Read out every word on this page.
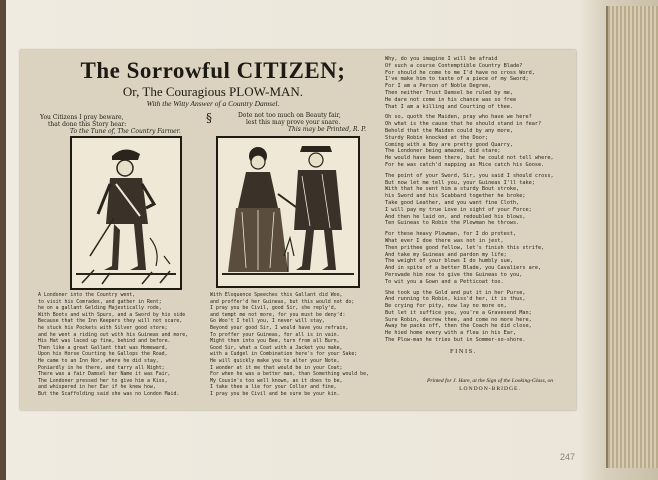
The Sorrowful CITIZEN;

Or, The Couragious PLOW-MAN.

With the Witty Answer of a Country Damsel.

You Citizens I pray beware,
that done this Story hear:
To the Tune of, The Country Farmer.
§	Dote not too much on Beauty fair,
lest this may prove your snare.
This may be Printed, R. P.

A Londoner into the Country went,

to visit his Comrades, and gather in Rent;

he on a gallant Gelding Majestically rode,

With Boots and with Spurs, and a Sword by his side

Because that the Inn Keepers they will not scare,

he stuck his Pockets with Silver good store;

and he went a riding out with his Guineas and more,

His Hat was laced up fine, behind and before.

Then like a great Gallant that was Homeward,

Upon his Horse Courting he Gallops the Road,

He came to an Inn Nor, where he did stay,

Poniardly in he there, and tarry all Night;

There was a fair Damsel her Name it was Fair,

The Londoner pressed her to give him a Kiss,

and whispered in her Ear if he knew how,

But the Scaffolding said she was no London Maid.

With Eloquence Speeches this Gallant did Woo,

and proffer'd her Guineas, but this would not do;

I pray you be Civil, good Sir, she reply'd,

and tempt me not more, for you must be deny'd:

Go Woo't I tell you, I never will stay,

Beyond your good Sir, I would have you refrain,

To proffer your Guineas, for all is in vain.

Might then into you Bee, turn from all Burn,

Good Sir, what a Coat with a Jacket you make,

with a Cudgel in Combination here's for your Sake;

He will quickly make you to alter your Note,

I wonder at it me that would be in your Coat;

For when he was a better man, than Something would be,

My Cousin's too well known, as it does to be,

I take thee a lie for your Coller and fine,

I pray you be Civil and be sure be your kin.

Why, do you imagine I will be afraid

Of such a course Contemptible Country Blade?

For should he come to me I'd have no cross Word,

I've make him to taste of a piece of my Sword;

For I am a Person of Noble Degree,

Then neither Trust Damsel be ruled by me,

He dare not come in his chance was so free

That I am a killing and Courting of thee.

Oh so, quoth the Maiden, pray who have we here?

Oh what is the cause that he should stand in fear?

Behold that the Maiden could by any more,

Sturdy Robin knocked at the Door;

Coming with a Boy are pretty good Quarry,

The Londoner being amazed, did stare;

He would have been there, but he could not tell where,

For he was catch'd napping as Mice catch his Goose.

The point of your Sword, Sir, you said I should cross,

But now let me tell you, your Guineas I'll take;

With that he sent him a sturdy Bout stroke,

his Sword and his Scabbard together he broke;

Take good Leather, and you want fine Cloth,

I will pay my true Love in sight of your Force;

And then he laid on, and redoubled his blows,

Ten Guineas to Robin the Plowman he throws.

For these heavy Plowman, for I do protest,

What ever I doe there was not in jest,

Then prithee good fellow, let's finish this strife,

And take my Guineas and pardon my life;

The weight of your blows I do humbly sue,

And in spite of a better Blade, you Cavaliers are,

Perswade him now to give the Guineas to you,

To wit you a Gown and a Petticoat too.

She took up the Gold and put it in her Purse,

And running to Robin, kiss'd her, it is thus,

Be crying for pity, now lay no more on,

But let it suffice you, you're a Gravesend Man;

Sure Robin, decrew thee, and come no more here,

Away he packs off, then the Coach he did close,

He hied home every with a flea in his Ear,

The Plow-man he tries but in Sommer-so-shore.

FINIS.
Printed for J. Hare, at the Sign of the Looking-Glass, on
LONDON-BRIDGE.
247
